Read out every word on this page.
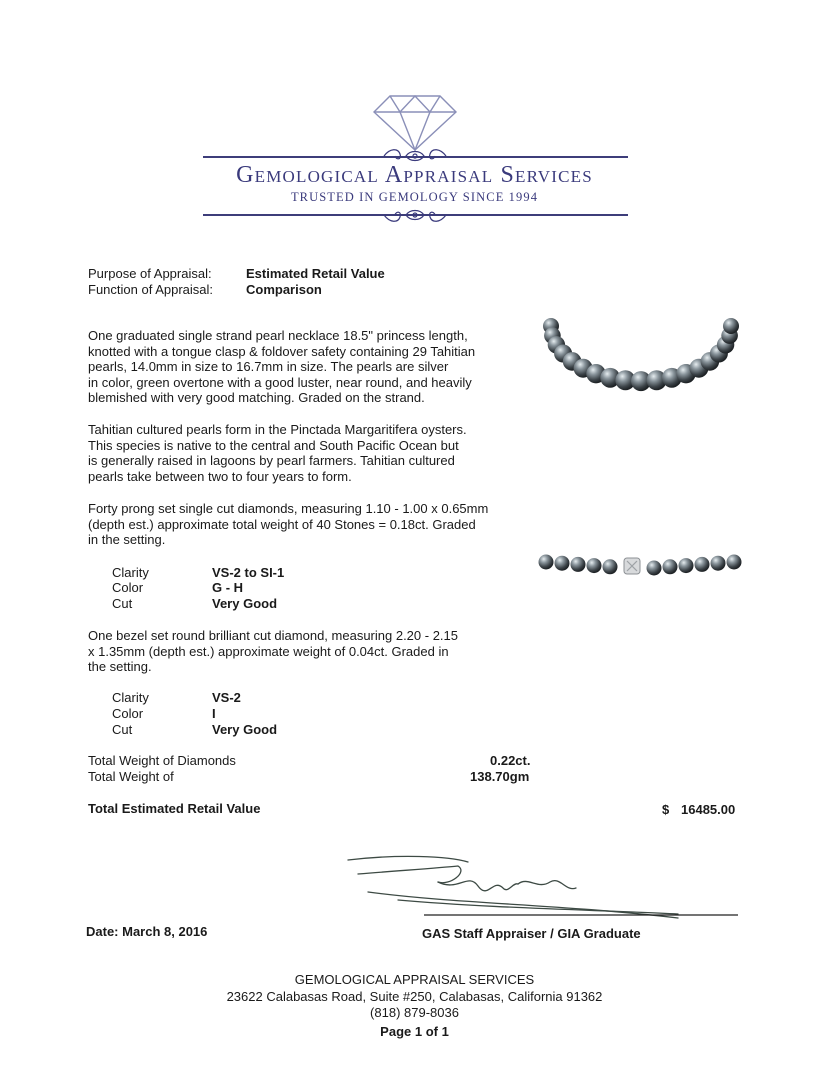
Gemological Appraisal Services
TRUSTED IN GEMOLOGY SINCE 1994
Purpose of Appraisal:	Estimated Retail Value
Function of Appraisal:	Comparison
One graduated single strand pearl necklace 18.5" princess length,
knotted with a tongue clasp & foldover safety containing 29 Tahitian
pearls, 14.0mm in size to 16.7mm in size. The pearls are silver
in color, green overtone with a good luster, near round, and heavily
blemished with very good matching. Graded on the strand.
Tahitian cultured pearls form in the Pinctada Margaritifera oysters.
This species is native to the central and South Pacific Ocean but
is generally raised in lagoons by pearl farmers. Tahitian cultured
pearls take between two to four years to form.
Forty prong set single cut diamonds, measuring 1.10 - 1.00 x 0.65mm
(depth est.) approximate total weight of 40 Stones = 0.18ct. Graded
in the setting.
Clarity	VS-2 to SI-1
Color	G - H
Cut	Very Good
One bezel set round brilliant cut diamond, measuring 2.20 - 2.15
x 1.35mm (depth est.) approximate weight of 0.04ct. Graded in
the setting.
Clarity	VS-2
Color	I
Cut	Very Good
Total Weight of Diamonds	0.22ct.
Total Weight of	138.70gm
Total Estimated Retail Value	$ 16485.00
Date: March 8, 2016	GAS Staff Appraiser / GIA Graduate
GEMOLOGICAL APPRAISAL SERVICES
23622 Calabasas Road, Suite #250, Calabasas, California 91362
(818) 879-8036
Page 1 of 1
